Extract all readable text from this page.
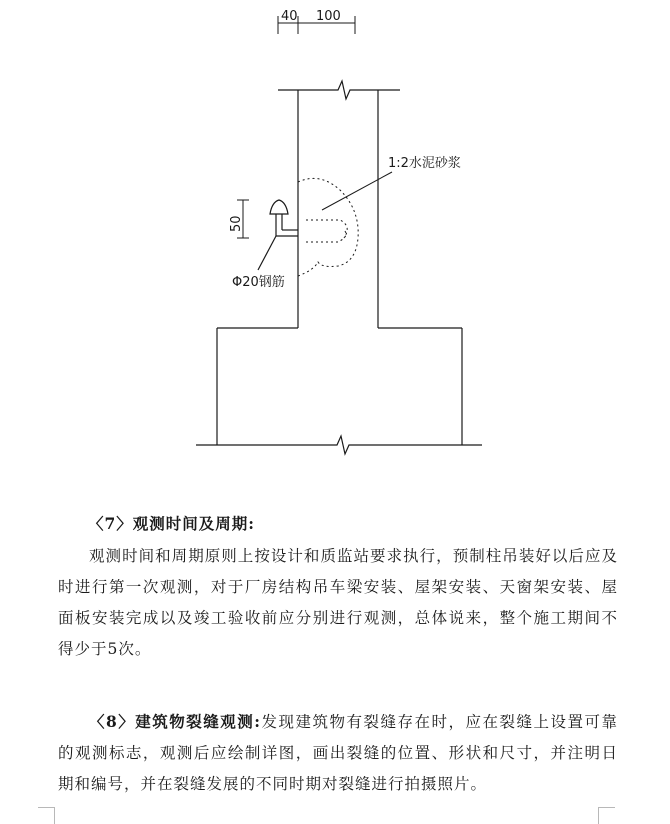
40 100
50
1:2水泥砂浆
Φ20钢筋

〈7〉观测时间及周期:

观测时间和周期原则上按设计和质监站要求执行，预制柱吊装好以后应及时进行第一次观测，对于厂房结构吊车梁安装、屋架安装、天窗架安装、屋面板安装完成以及竣工验收前应分别进行观测，总体说来，整个施工期间不得少于5次。

〈8〉建筑物裂缝观测:发现建筑物有裂缝存在时，应在裂缝上设置可靠的观测标志，观测后应绘制详图，画出裂缝的位置、形状和尺寸，并注明日期和编号，并在裂缝发展的不同时期对裂缝进行拍摄照片。
